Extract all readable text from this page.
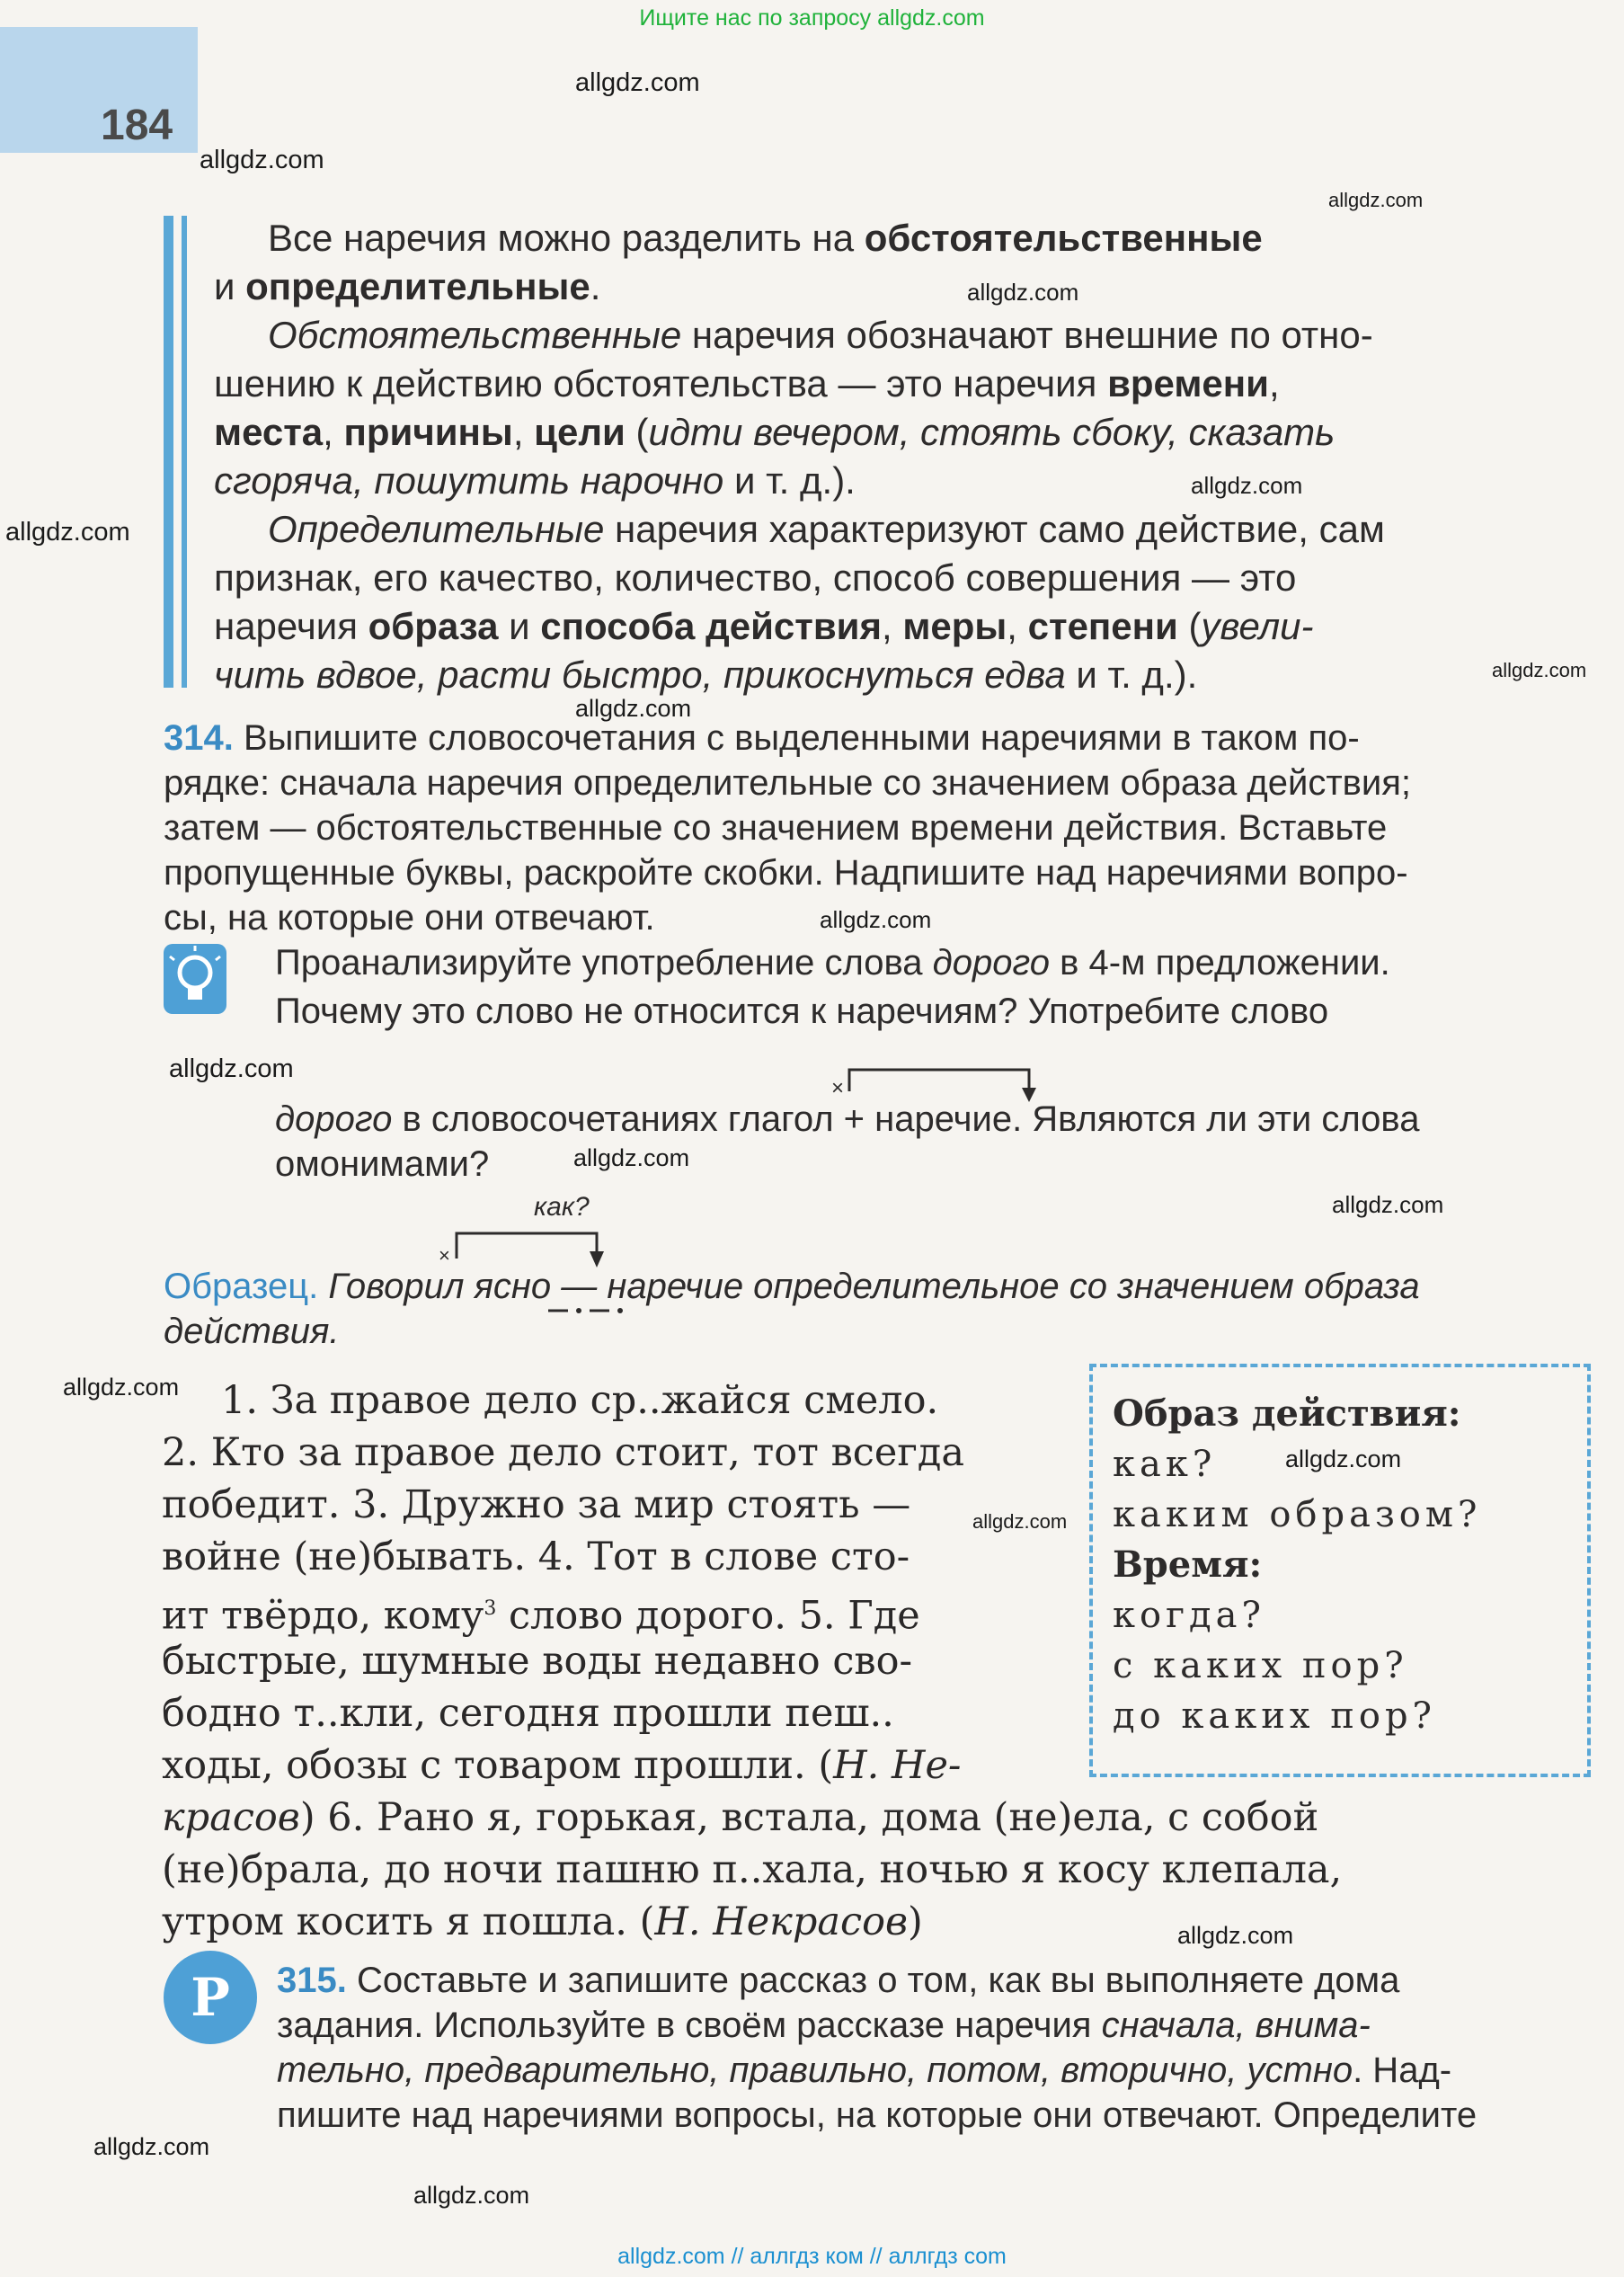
Ищите нас по запросу allgdz.com
184
allgdz.com
allgdz.com
allgdz.com
allgdz.com
allgdz.com
allgdz.com
allgdz.com
allgdz.com
allgdz.com
allgdz.com
allgdz.com
allgdz.com
allgdz.com
allgdz.com
allgdz.com
allgdz.com
allgdz.com
allgdz.com
Все наречия можно разделить на обстоятельственные
и определительные.
Обстоятельственные наречия обозначают внешние по отно-
шению к действию обстоятельства — это наречия времени,
места, причины, цели (идти вечером, стоять сбоку, сказать
сгоряча, пошутить нарочно и т. д.).
Определительные наречия характеризуют само действие, сам
признак, его качество, количество, способ совершения — это
наречия образа и способа действия, меры, степени (увели-
чить вдвое, расти быстро, прикоснуться едва и т. д.).
314. Выпишите словосочетания с выделенными наречиями в таком по-
рядке: сначала наречия определительные со значением образа действия;
затем — обстоятельственные со значением времени действия. Вставьте
пропущенные буквы, раскройте скобки. Надпишите над наречиями вопро-
сы, на которые они отвечают.
Проанализируйте употребление слова дорого в 4-м предложении.
Почему это слово не относится к наречиям? Употребите слово
×
дорого в словосочетаниях глагол + наречие. Являются ли эти слова
омонимами?
как?
×
Образец. Говорил ясно — наречие определительное со значением образа
действия.
1. За правое дело ср..жайся смело.
2. Кто за правое дело стоит, тот всегда
победит. 3. Дружно за мир стоять —
войне (не)бывать. 4. Тот в слове сто-
ит твёрдо, кому$^3$ слово дорого. 5. Где
быстрые, шумные воды недавно сво-
бодно т..кли, сегодня прошли пеш..
ходы, обозы с товаром прошли. (Н. Не-
красов) 6. Рано я, горькая, встала, дома (не)ела, с собой
(не)брала, до ночи пашню п..хала, ночью я косу клепала,
утром косить я пошла. (Н. Некрасов)
Образ действия:
как?
каким образом?
Время:
когда?
с каких пор?
до каких пор?
Р	315. Составьте и запишите рассказ о том, как вы выполняете дома
задания. Используйте в своём рассказе наречия сначала, внима-
тельно, предварительно, правильно, потом, вторично, устно. Над-
пишите над наречиями вопросы, на которые они отвечают. Определите
allgdz.com // аллгдз ком // аллгдз com
